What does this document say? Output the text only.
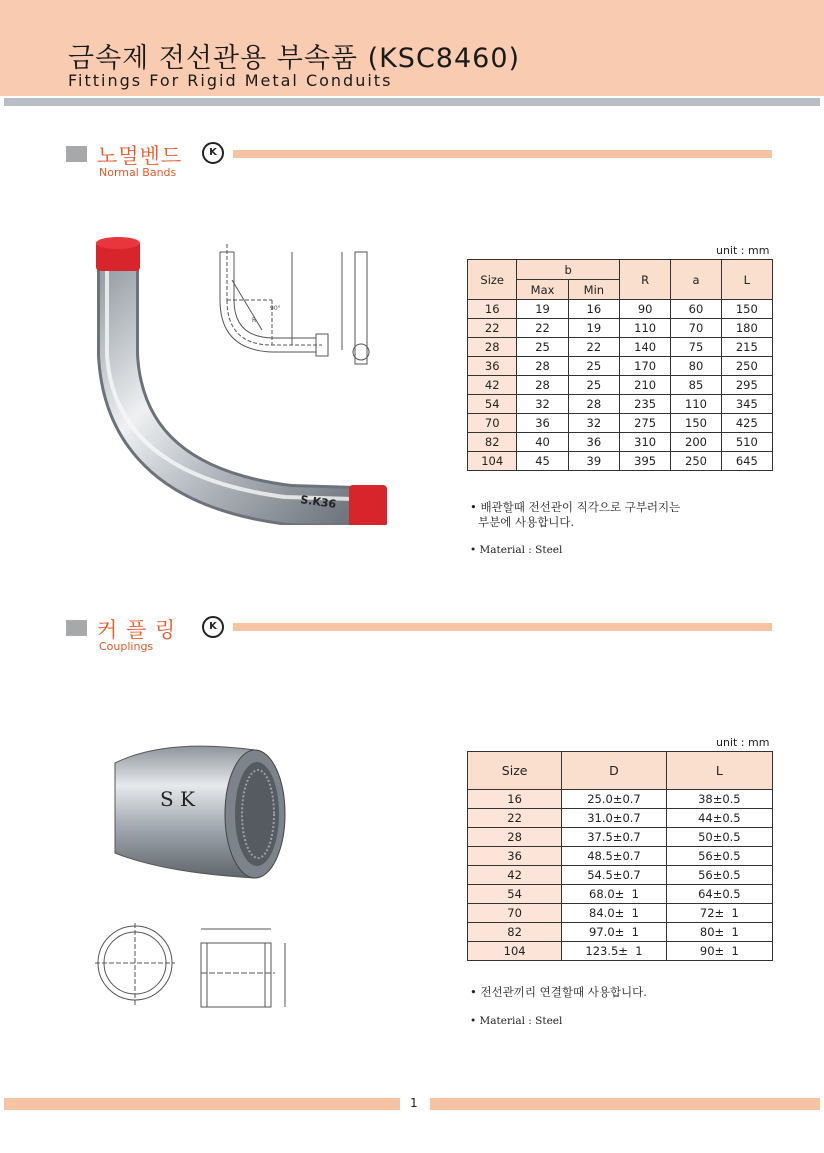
금속제 전선관용 부속품 (KSC8460)
Fittings For Rigid Metal Conduits
노멀벤드
Normal Bands
K
S.K36
90°
R
unit : mm
Size	b		R	a	L
	Max	Min			
16	19	16	90	60	150
22	22	19	110	70	180
28	25	22	140	75	215
36	28	25	170	80	250
42	28	25	210	85	295
54	32	28	235	110	345
70	36	32	275	150	425
82	40	36	310	200	510
104	45	39	395	250	645
• 배관할때 전선관이 직각으로 구부러지는
부분에 사용합니다.
• Material : Steel
커 플 링
Couplings
K
S K
unit : mm
Size	D	L
16	25.0±0.7	38±0.5
22	31.0±0.7	44±0.5
28	37.5±0.7	50±0.5
36	48.5±0.7	56±0.5
42	54.5±0.7	56±0.5
54	68.0±  1	64±0.5
70	84.0±  1	72±  1
82	97.0±  1	80±  1
104	123.5±  1	90±  1
• 전선관끼리 연결할때 사용합니다.
• Material : Steel
1
